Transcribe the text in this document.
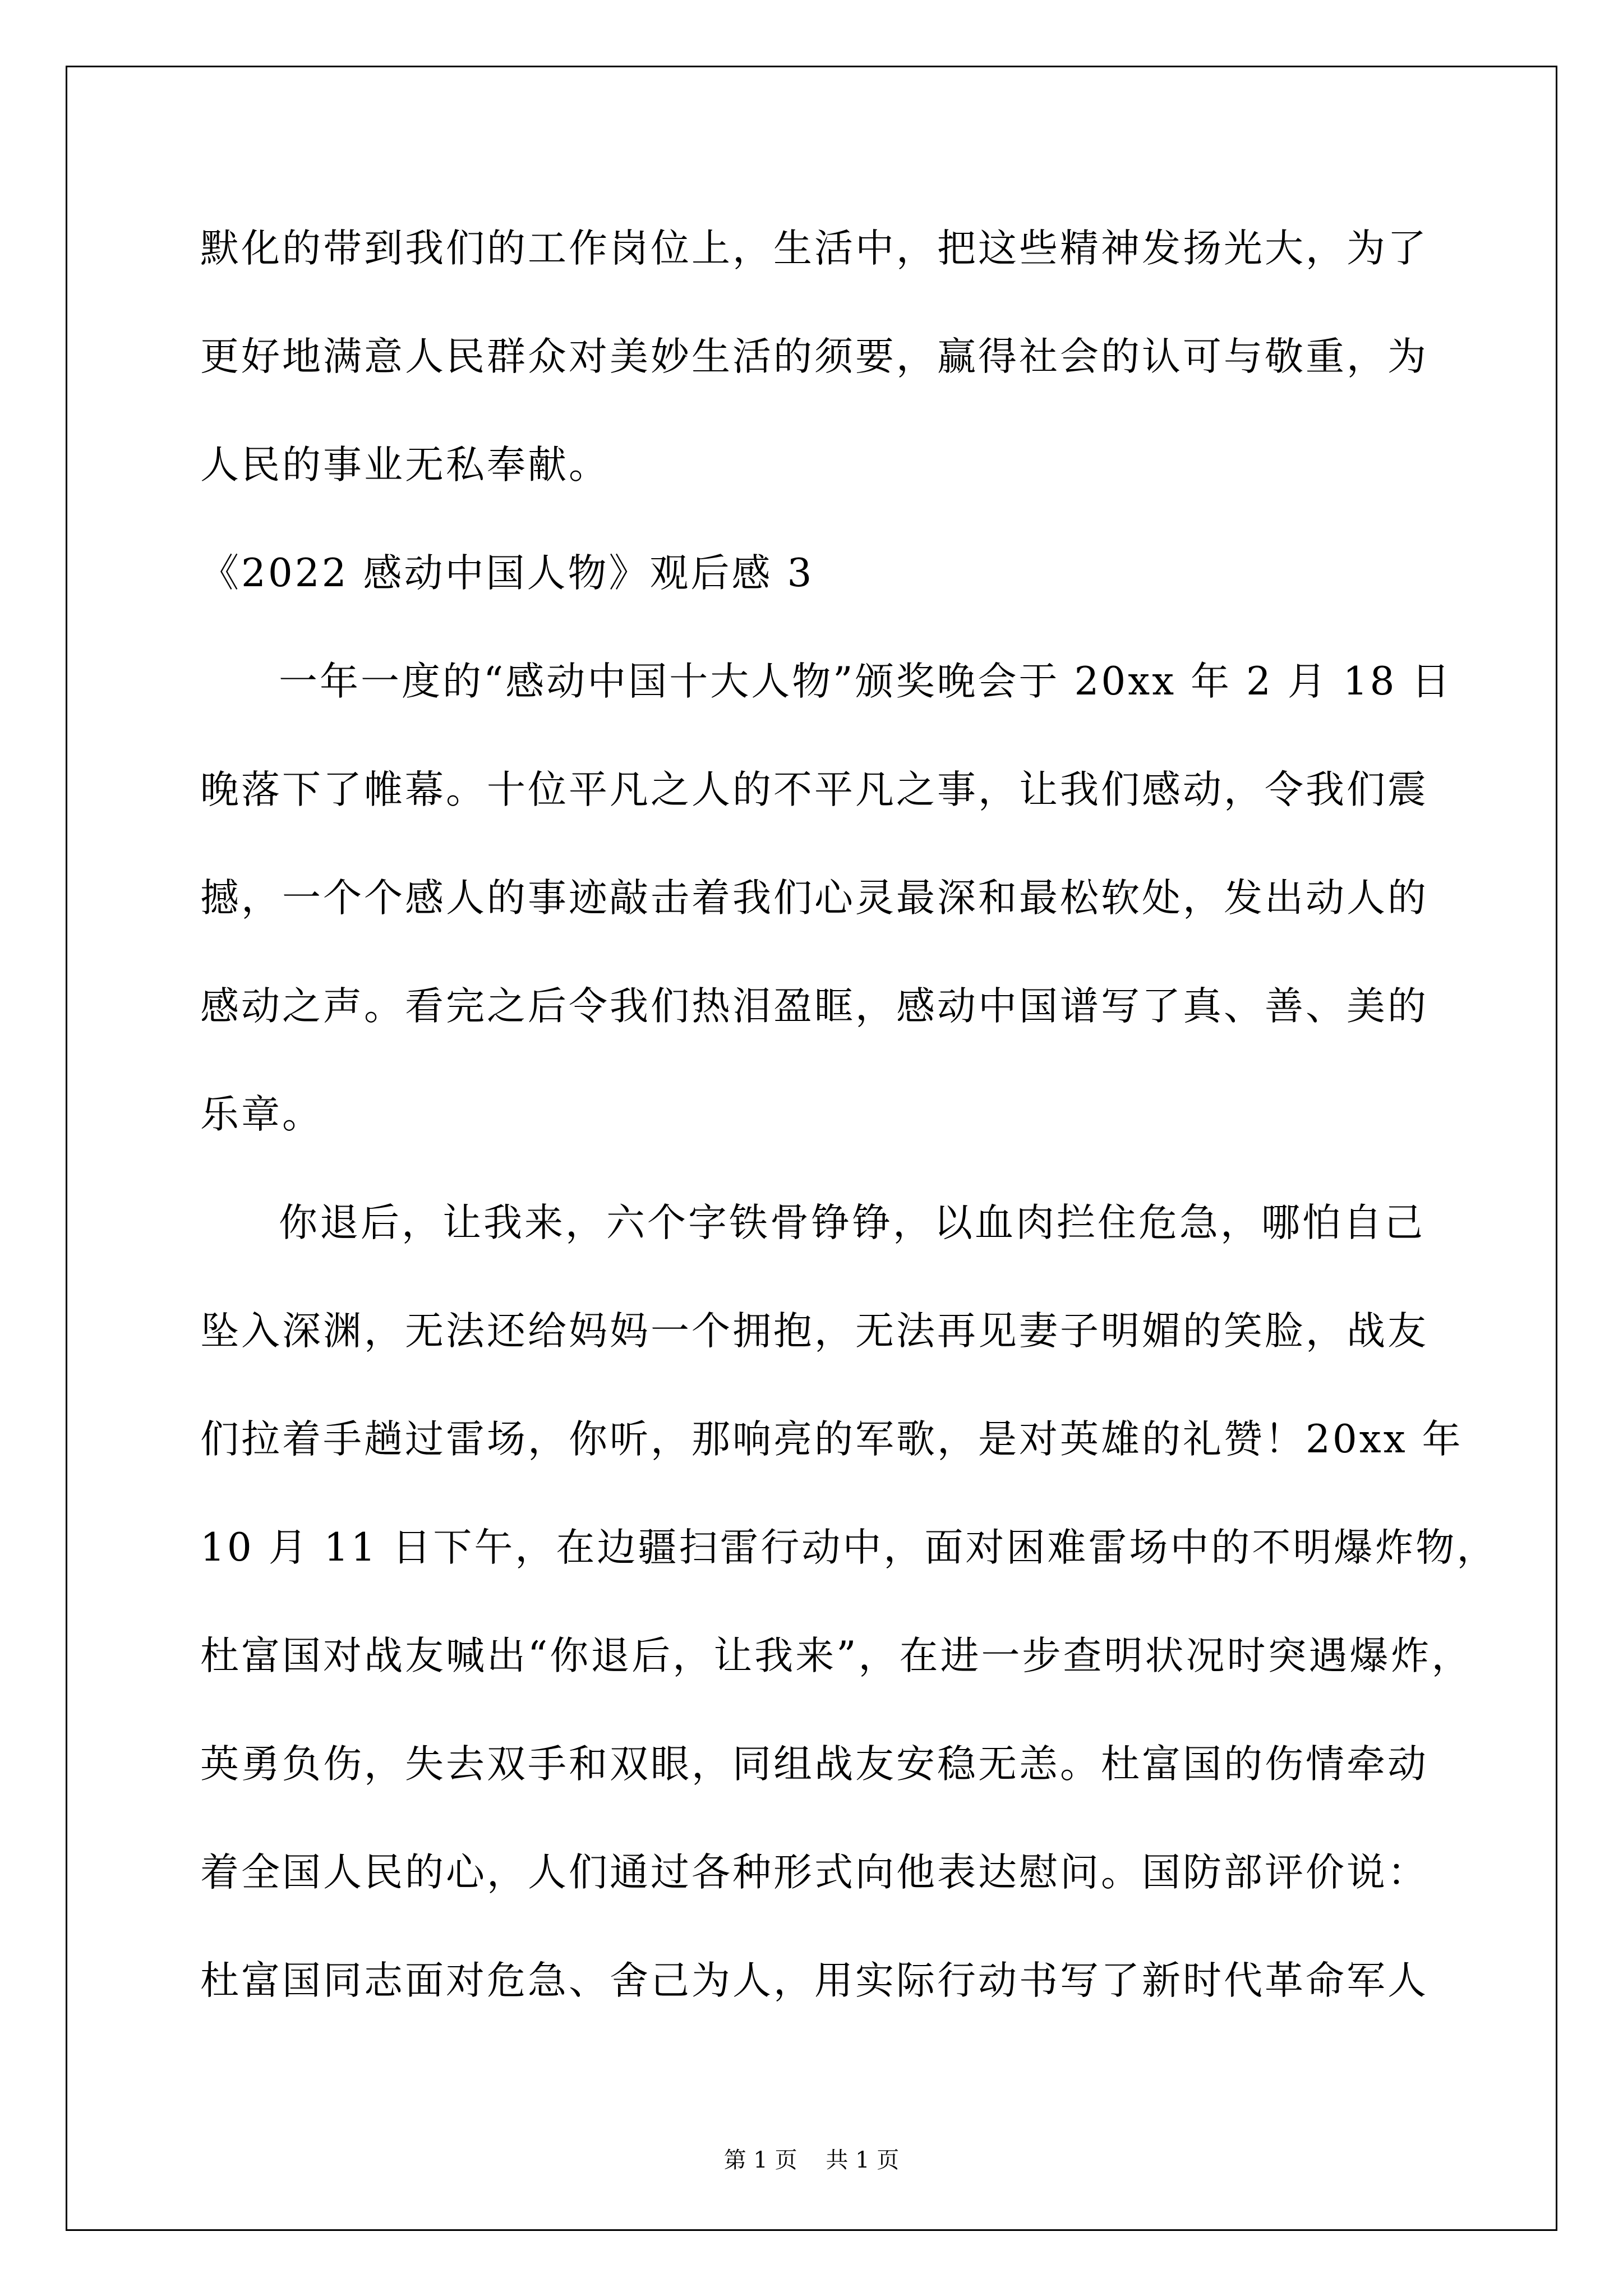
默化的带到我们的工作岗位上，生活中，把这些精神发扬光大，为了
更好地满意人民群众对美妙生活的须要，赢得社会的认可与敬重，为
人民的事业无私奉献。
《2022 感动中国人物》观后感 3
一年一度的“感动中国十大人物”颁奖晚会于 20xx 年 2 月 18 日
晚落下了帷幕。十位平凡之人的不平凡之事，让我们感动，令我们震
撼，一个个感人的事迹敲击着我们心灵最深和最松软处，发出动人的
感动之声。看完之后令我们热泪盈眶，感动中国谱写了真、善、美的
乐章。
你退后，让我来，六个字铁骨铮铮，以血肉拦住危急，哪怕自己
坠入深渊，无法还给妈妈一个拥抱，无法再见妻子明媚的笑脸，战友
们拉着手趟过雷场，你听，那响亮的军歌，是对英雄的礼赞！20xx 年
10 月 11 日下午，在边疆扫雷行动中，面对困难雷场中的不明爆炸物，
杜富国对战友喊出“你退后，让我来”，在进一步查明状况时突遇爆炸，
英勇负伤，失去双手和双眼，同组战友安稳无恙。杜富国的伤情牵动
着全国人民的心，人们通过各种形式向他表达慰问。国防部评价说：
杜富国同志面对危急、舍己为人，用实际行动书写了新时代革命军人
第 1 页    共 1 页
